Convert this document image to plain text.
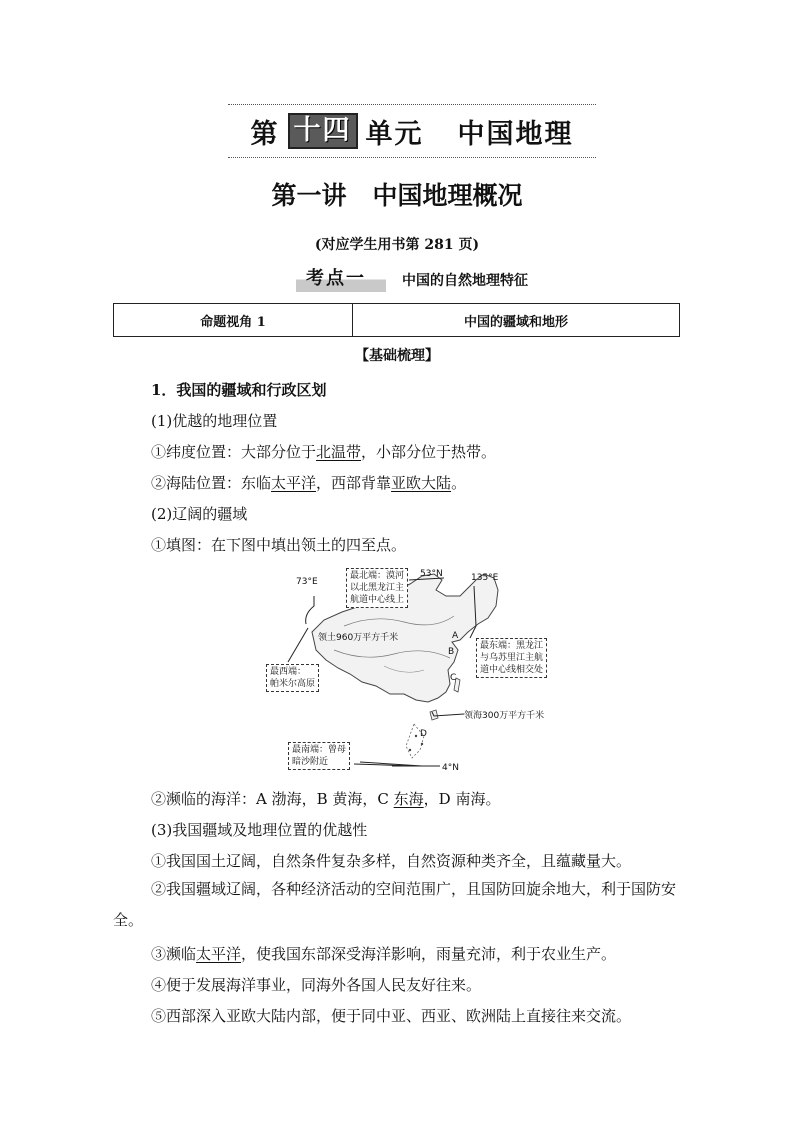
第 十四 单元 中国地理
第一讲 中国地理概况
(对应学生用书第 281 页)
考点一	中国的自然地理特征
命题视角 1	中国的疆域和地形
【基础梳理】
1．我国的疆域和行政区划
(1)优越的地理位置
①纬度位置：大部分位于北温带，小部分位于热带。
②海陆位置：东临太平洋，西部背靠亚欧大陆。
(2)辽阔的疆域
①填图：在下图中填出领土的四至点。
73°E
53°N	135°E
4°N
领土960万平方千米
领海300万平方千米
A
B
C
D
最北端：漠河
以北黑龙江主
航道中心线上
最东端：黑龙江
与乌苏里江主航
道中心线相交处
最西端：
帕米尔高原
最南端：曾母
暗沙附近
②濒临的海洋：A 渤海，B 黄海，C 东海，D 南海。
(3)我国疆域及地理位置的优越性
①我国国土辽阔，自然条件复杂多样，自然资源种类齐全，且蕴藏量大。
②我国疆域辽阔，各种经济活动的空间范围广，且国防回旋余地大，利于国防安全。
③濒临太平洋，使我国东部深受海洋影响，雨量充沛，利于农业生产。
④便于发展海洋事业，同海外各国人民友好往来。
⑤西部深入亚欧大陆内部，便于同中亚、西亚、欧洲陆上直接往来交流。
